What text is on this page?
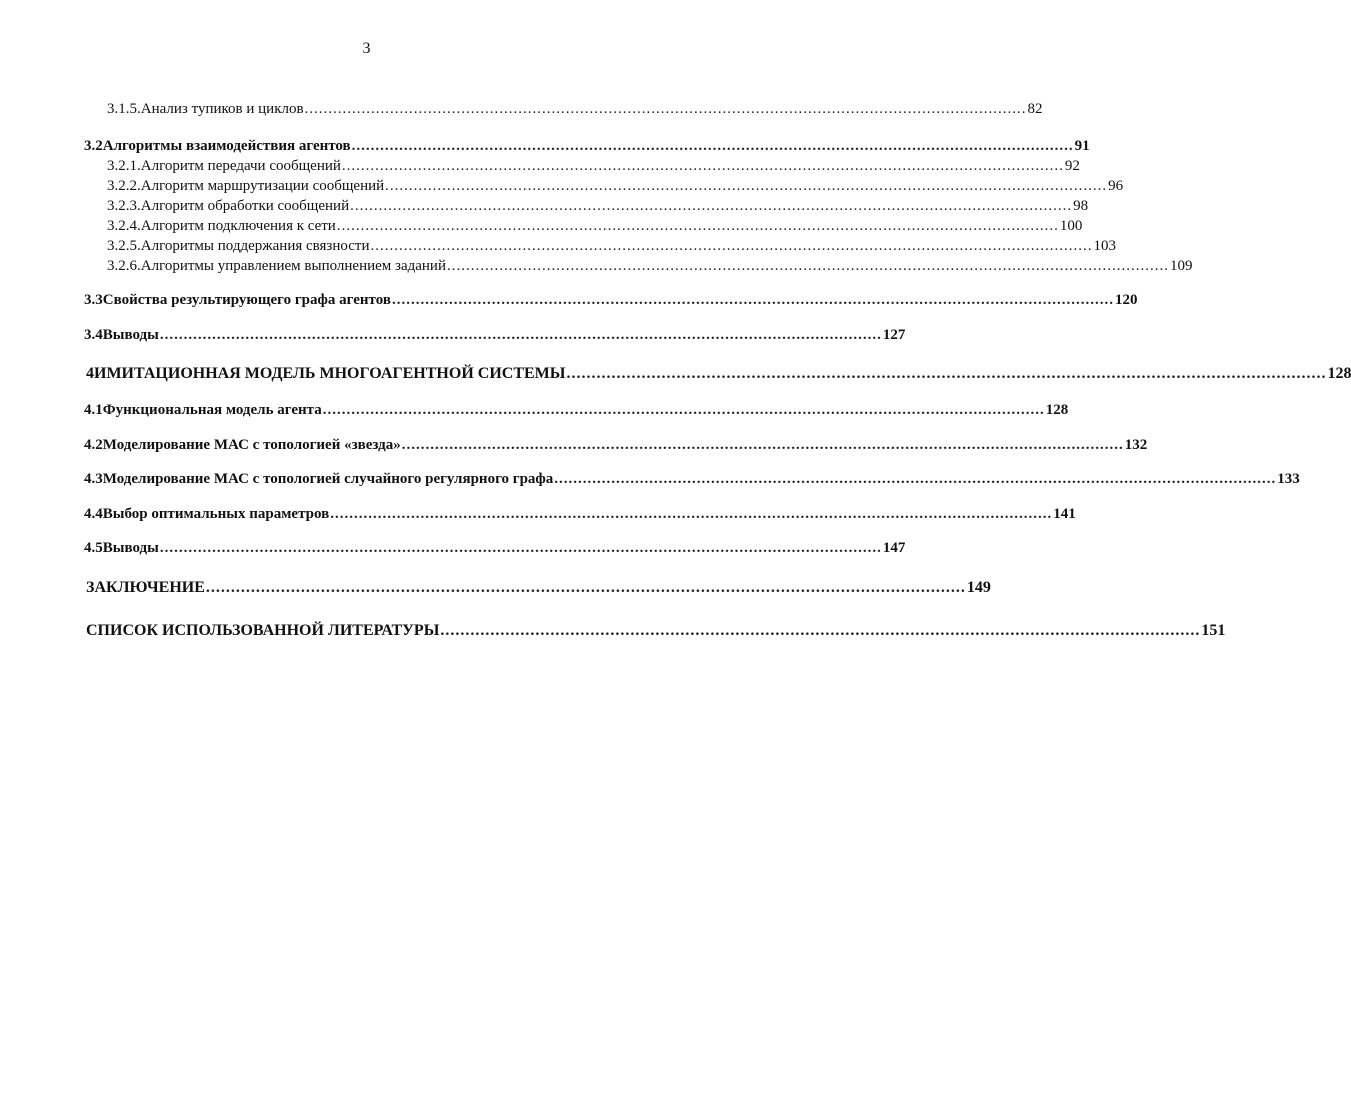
3
3.1.5. Анализ тупиков и циклов ........................................................................................................................................................ 82
3.2 Алгоритмы взаимодействия агентов ........................................................................................................................................................ 91
3.2.1. Алгоритм передачи сообщений ........................................................................................................................................................ 92
3.2.2. Алгоритм маршрутизации сообщений ........................................................................................................................................................ 96
3.2.3. Алгоритм обработки сообщений ........................................................................................................................................................ 98
3.2.4. Алгоритм подключения к сети ........................................................................................................................................................ 100
3.2.5. Алгоритмы поддержания связности ........................................................................................................................................................ 103
3.2.6. Алгоритмы управлением выполнением заданий ........................................................................................................................................................ 109
3.3 Свойства результирующего графа агентов ........................................................................................................................................................ 120
3.4 Выводы ........................................................................................................................................................ 127
4 ИМИТАЦИОННАЯ МОДЕЛЬ МНОГОАГЕНТНОЙ СИСТЕМЫ ........................................................................................................................................................ 128
4.1 Функциональная модель агента ........................................................................................................................................................ 128
4.2 Моделирование МАС с топологией «звезда» ........................................................................................................................................................ 132
4.3 Моделирование МАС с топологией случайного регулярного графа ........................................................................................................................................................ 133
4.4 Выбор оптимальных параметров ........................................................................................................................................................ 141
4.5 Выводы ........................................................................................................................................................ 147
ЗАКЛЮЧЕНИЕ ........................................................................................................................................................ 149
СПИСОК ИСПОЛЬЗОВАННОЙ ЛИТЕРАТУРЫ ........................................................................................................................................................ 151
